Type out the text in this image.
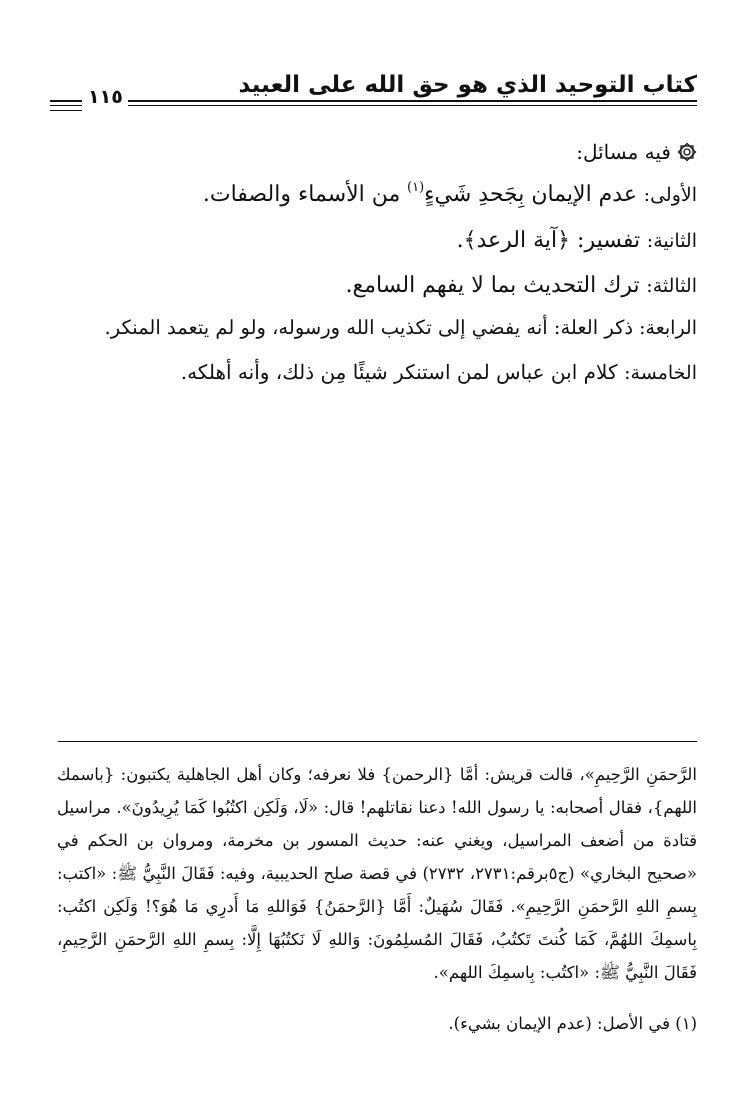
كتاب التوحيد الذي هو حق الله على العبيد
١١٥
فيه مسائل:
الأولى: عدم الإيمان بِجَحدِ شَيءٍ$^{(١)}$ من الأسماء والصفات.
الثانية: تفسير: ﴿آية الرعد﴾.
الثالثة: ترك التحديث بما لا يفهم السامع.
الرابعة: ذكر العلة: أنه يفضي إلى تكذيب الله ورسوله، ولو لم يتعمد المنكر.
الخامسة: كلام ابن عباس لمن استنكر شيئًا مِن ذلك، وأنه أهلكه.
الرَّحمَنِ الرَّحِيمِ»، قالت قريش: أمَّا {الرحمن} فلا نعرفه؛ وكان أهل الجاهلية يكتبون: {باسمك اللهم}، فقال أصحابه: يا رسول الله! دعنا نقاتلهم! قال: «لَا، وَلَكِن اكتُبُوا كَمَا يُرِيدُونَ». مراسيل قتادة من أضعف المراسيل، ويغني عنه: حديث المسور بن مخرمة، ومروان بن الحكم في «صحيح البخاري» (ج٥برقم:٢٧٣١، ٢٧٣٢) في قصة صلح الحديبية، وفيه: فَقَالَ النَّبِيُّ ﷺ: «اكتب: بِسمِ اللهِ الرَّحمَنِ الرَّحِيمِ». فَقَالَ سُهَيلٌ: أَمَّا {الرَّحمَنُ} فَوَاللهِ مَا أَدرِي مَا هُوَ؟! وَلَكِن اكتُب: بِاسمِكَ اللهُمَّ، كَمَا كُنتَ تَكتُبُ، فَقَالَ المُسلِمُونَ: وَاللهِ لَا نَكتُبُهَا إِلَّا: بِسمِ اللهِ الرَّحمَنِ الرَّحِيمِ، فَقَالَ النَّبِيُّ ﷺ: «اكتُب: بِاسمِكَ اللهم».
(١) في الأصل: (عدم الإيمان بشيء).
